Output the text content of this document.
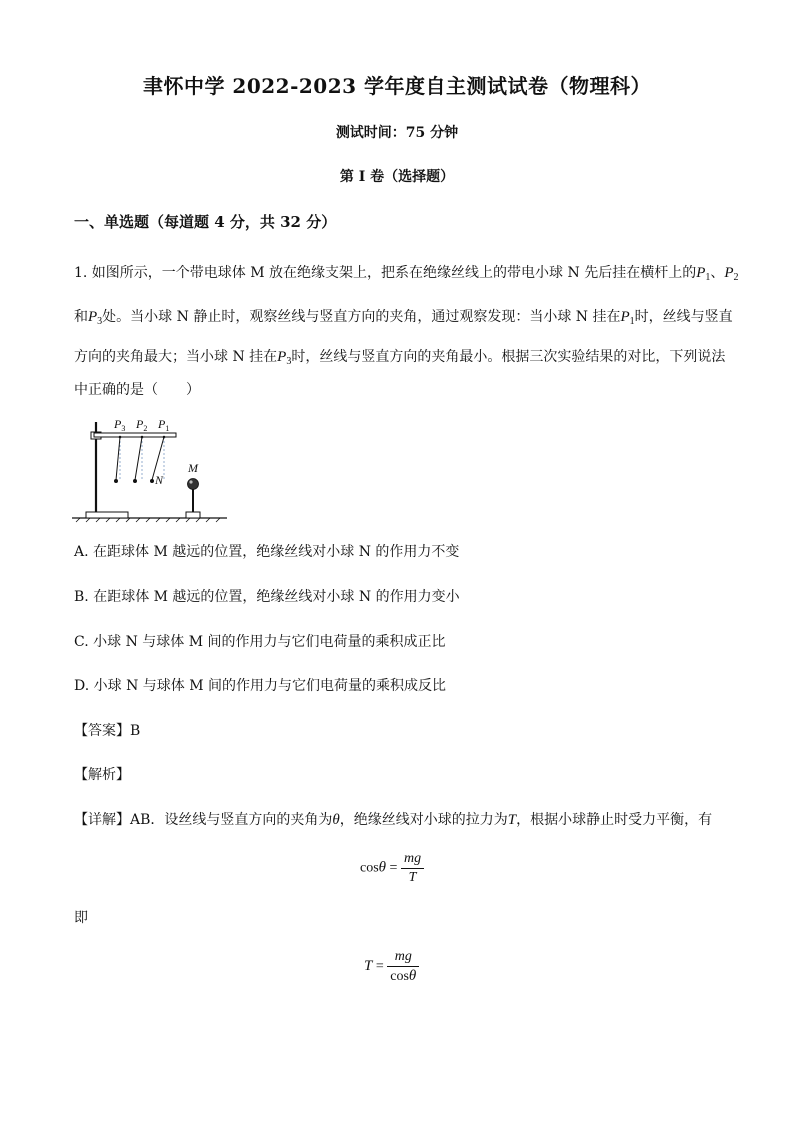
聿怀中学 2022-2023 学年度自主测试试卷（物理科）
测试时间：75 分钟
第 I 卷（选择题）
一、单选题（每道题 4 分，共 32 分）
1. 如图所示，一个带电球体 M 放在绝缘支架上，把系在绝缘丝线上的带电小球 N 先后挂在横杆上的$P_1$、$P_2$
和$P_3$处。当小球 N 静止时，观察丝线与竖直方向的夹角，通过观察发现：当小球 N 挂在$P_1$时，丝线与竖直
方向的夹角最大；当小球 N 挂在$P_3$时，丝线与竖直方向的夹角最小。根据三次实验结果的对比，下列说法
中正确的是（　　）
$P_3$ $P_2$ $P_1$
M
N
A. 在距球体 M 越远的位置，绝缘丝线对小球 N 的作用力不变
B. 在距球体 M 越远的位置，绝缘丝线对小球 N 的作用力变小
C. 小球 N 与球体 M 间的作用力与它们电荷量的乘积成正比
D. 小球 N 与球体 M 间的作用力与它们电荷量的乘积成反比
【答案】B
【解析】
【详解】AB．设丝线与竖直方向的夹角为θ，绝缘丝线对小球的拉力为T，根据小球静止时受力平衡，有
$\cos\theta = \frac{mg}{T}$
即
$T = \frac{mg}{\cos\theta}$
